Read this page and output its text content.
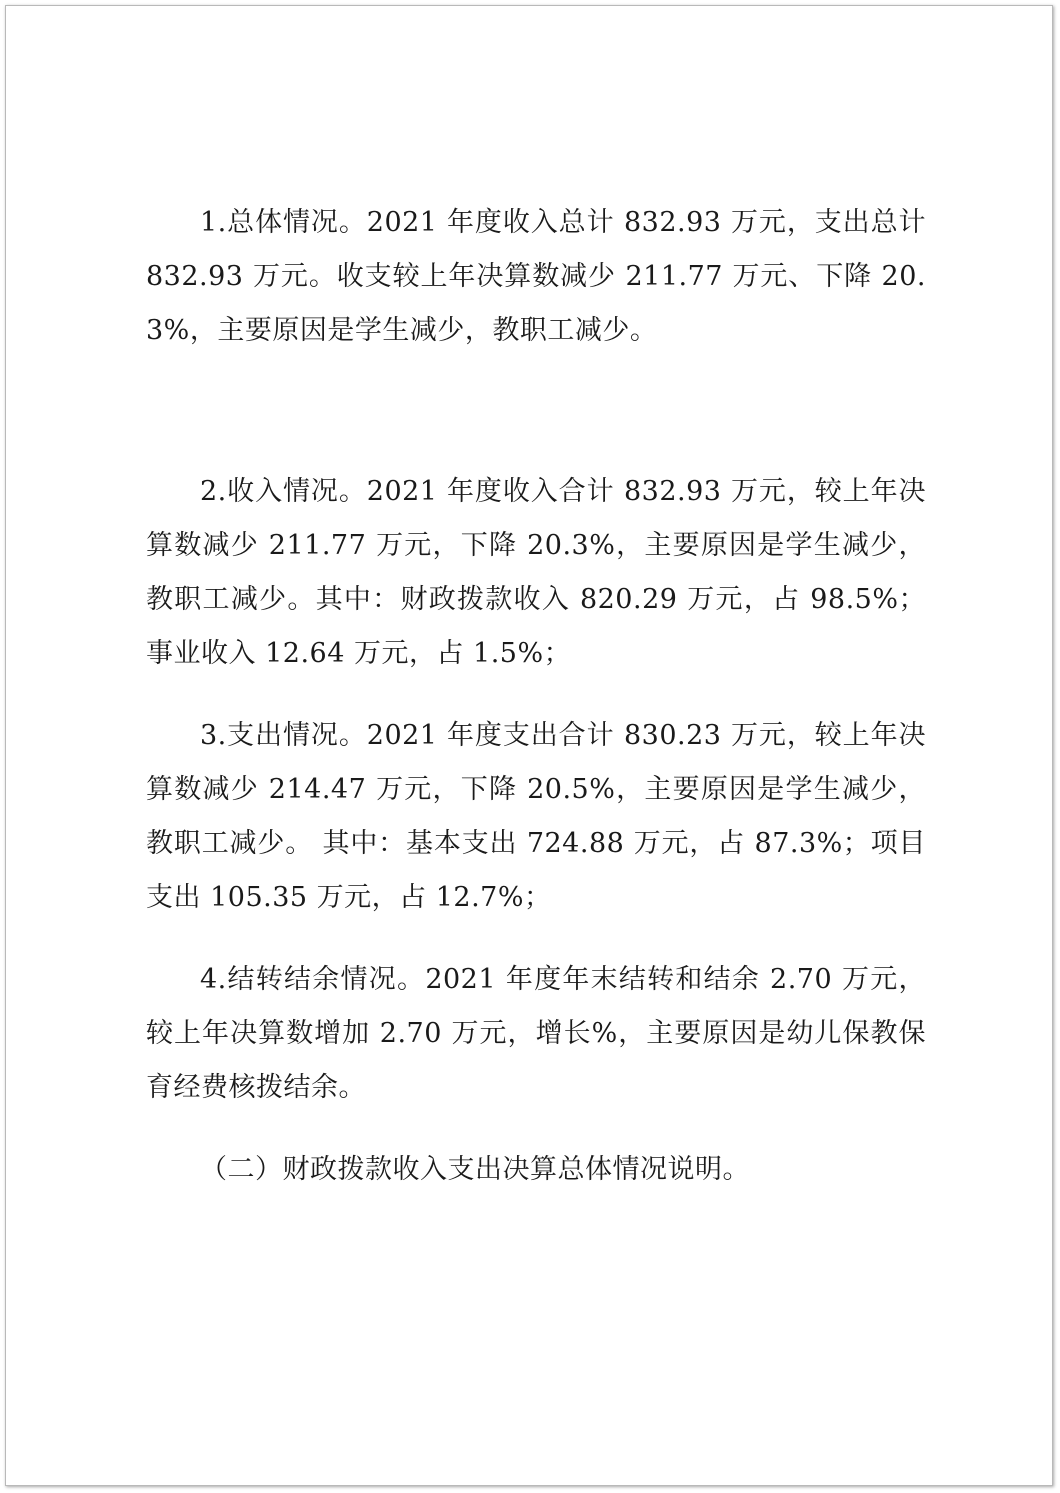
1.总体情况。2021 年度收入总计 832.93 万元，支出总计 832.93 万元。收支较上年决算数减少 211.77 万元、下降 20.3%，主要原因是学生减少，教职工减少。

2.收入情况。2021 年度收入合计 832.93 万元，较上年决算数减少 211.77 万元，下降 20.3%，主要原因是学生减少，教职工减少。其中：财政拨款收入 820.29 万元，占 98.5%；事业收入 12.64 万元，占 1.5%；

3.支出情况。2021 年度支出合计 830.23 万元，较上年决算数减少 214.47 万元，下降 20.5%，主要原因是学生减少，教职工减少。 其中：基本支出 724.88 万元，占 87.3%；项目支出 105.35 万元，占 12.7%；

4.结转结余情况。2021 年度年末结转和结余 2.70 万元，较上年决算数增加 2.70 万元，增长%，主要原因是幼儿保教保育经费核拨结余。

（二）财政拨款收入支出决算总体情况说明。
